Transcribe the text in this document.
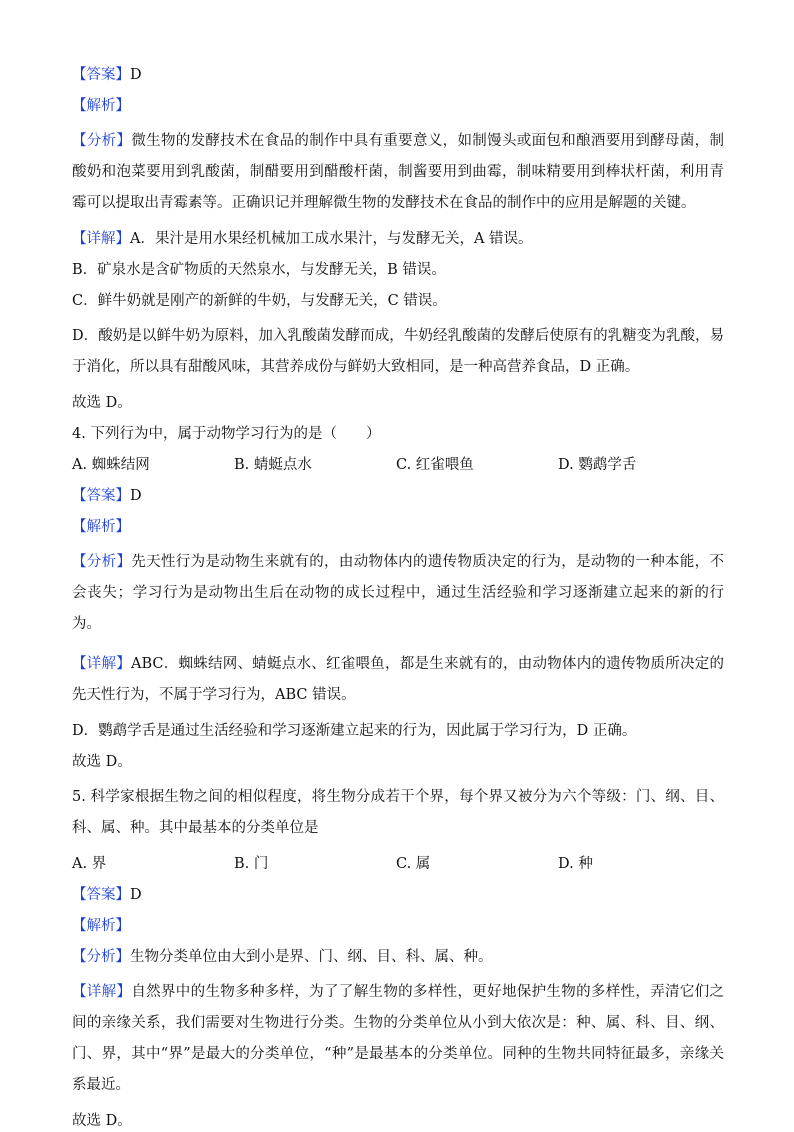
【答案】D
【解析】
【分析】微生物的发酵技术在食品的制作中具有重要意义，如制馒头或面包和酿酒要用到酵母菌，制酸奶和泡菜要用到乳酸菌，制醋要用到醋酸杆菌，制酱要用到曲霉，制味精要用到棒状杆菌，利用青霉可以提取出青霉素等。正确识记并理解微生物的发酵技术在食品的制作中的应用是解题的关键。
【详解】A．果汁是用水果经机械加工成水果汁，与发酵无关，A 错误。
B．矿泉水是含矿物质的天然泉水，与发酵无关，B 错误。
C．鲜牛奶就是刚产的新鲜的牛奶，与发酵无关，C 错误。
D．酸奶是以鲜牛奶为原料，加入乳酸菌发酵而成，牛奶经乳酸菌的发酵后使原有的乳糖变为乳酸，易于消化，所以具有甜酸风味，其营养成份与鲜奶大致相同，是一种高营养食品，D 正确。
故选 D。
4. 下列行为中，属于动物学习行为的是（　　）
A. 蜘蛛结网	B. 蜻蜓点水	C. 红雀喂鱼	D. 鹦鹉学舌
【答案】D
【解析】
【分析】先天性行为是动物生来就有的，由动物体内的遗传物质决定的行为，是动物的一种本能，不会丧失；学习行为是动物出生后在动物的成长过程中，通过生活经验和学习逐渐建立起来的新的行为。
【详解】ABC．蜘蛛结网、蜻蜓点水、红雀喂鱼，都是生来就有的，由动物体内的遗传物质所决定的先天性行为，不属于学习行为，ABC 错误。
D．鹦鹉学舌是通过生活经验和学习逐渐建立起来的行为，因此属于学习行为，D 正确。
故选 D。
5. 科学家根据生物之间的相似程度，将生物分成若干个界，每个界又被分为六个等级：门、纲、目、科、属、种。其中最基本的分类单位是
A. 界	B. 门	C. 属	D. 种
【答案】D
【解析】
【分析】生物分类单位由大到小是界、门、纲、目、科、属、种。
【详解】自然界中的生物多种多样，为了了解生物的多样性，更好地保护生物的多样性，弄清它们之间的亲缘关系，我们需要对生物进行分类。生物的分类单位从小到大依次是：种、属、科、目、纲、门、界，其中“界”是最大的分类单位，“种”是最基本的分类单位。同种的生物共同特征最多，亲缘关系最近。
故选 D。
